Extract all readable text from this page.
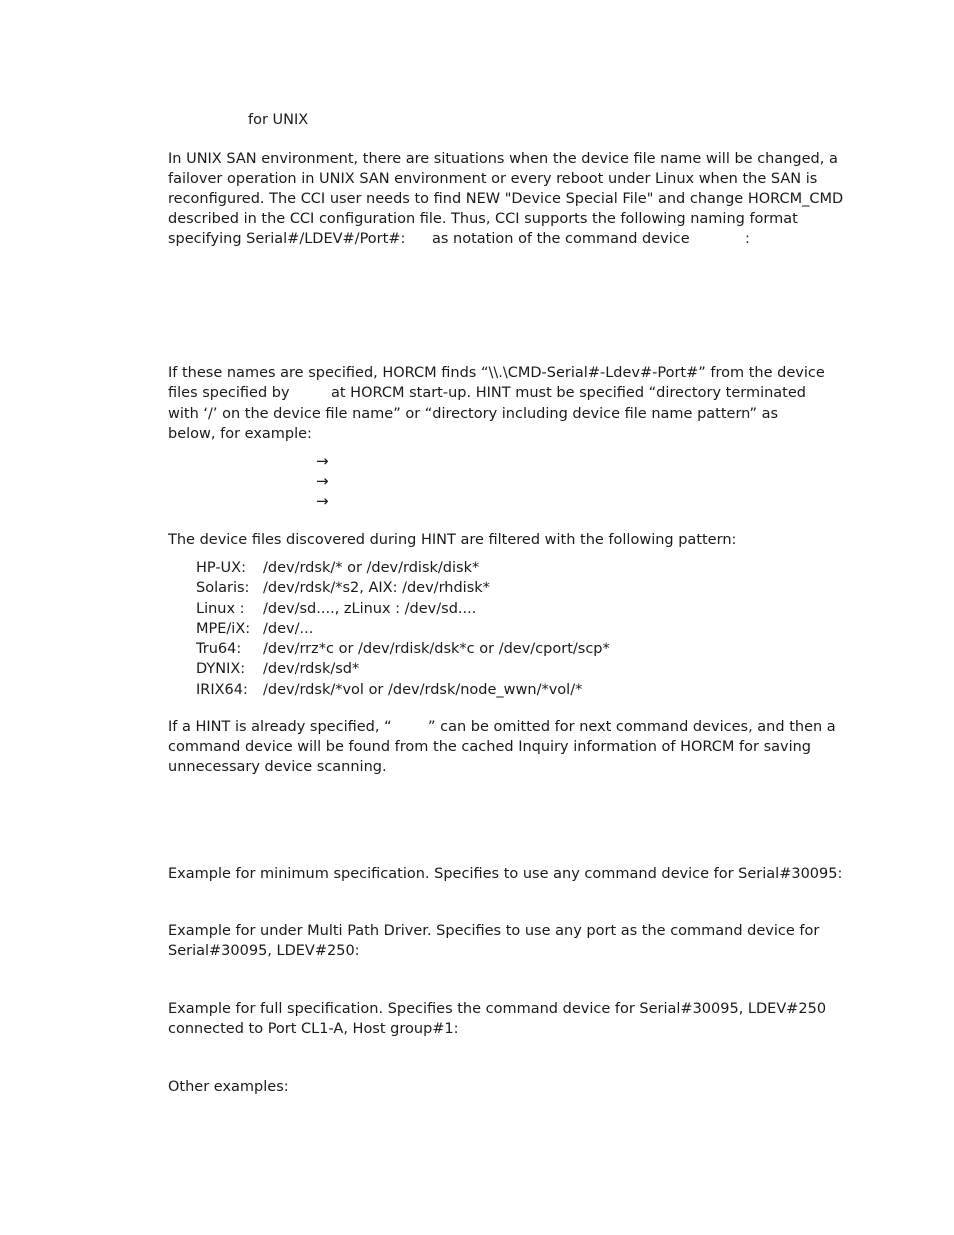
for UNIX
In UNIX SAN environment, there are situations when the device file name will be changed, a
failover operation in UNIX SAN environment or every reboot under Linux when the SAN is
reconfigured. The CCI user needs to find NEW "Device Special File" and change HORCM_CMD
described in the CCI configuration file. Thus, CCI supports the following naming format
specifying Serial#/LDEV#/Port#: as notation of the command device	:
If these names are specified, HORCM finds “\\.\CMD-Serial#-Ldev#-Port#” from the device
files specified by	at HORCM start-up. HINT must be specified “directory terminated
with ‘/’ on the device file name” or “directory including device file name pattern” as
below, for example:
→
→
→
The device files discovered during HINT are filtered with the following pattern:
HP-UX: /dev/rdsk/* or /dev/rdisk/disk*
Solaris: /dev/rdsk/*s2, AIX: /dev/rhdisk*
Linux : /dev/sd...., zLinux : /dev/sd....
MPE/iX: /dev/...
Tru64: /dev/rrz*c or /dev/rdisk/dsk*c or /dev/cport/scp*
DYNIX: /dev/rdsk/sd*
IRIX64: /dev/rdsk/*vol or /dev/rdsk/node_wwn/*vol/*
If a HINT is already specified, “	” can be omitted for next command devices, and then a
command device will be found from the cached Inquiry information of HORCM for saving
unnecessary device scanning.
Example for minimum specification. Specifies to use any command device for Serial#30095:
Example for under Multi Path Driver. Specifies to use any port as the command device for
Serial#30095, LDEV#250:
Example for full specification. Specifies the command device for Serial#30095, LDEV#250
connected to Port CL1-A, Host group#1:
Other examples:
